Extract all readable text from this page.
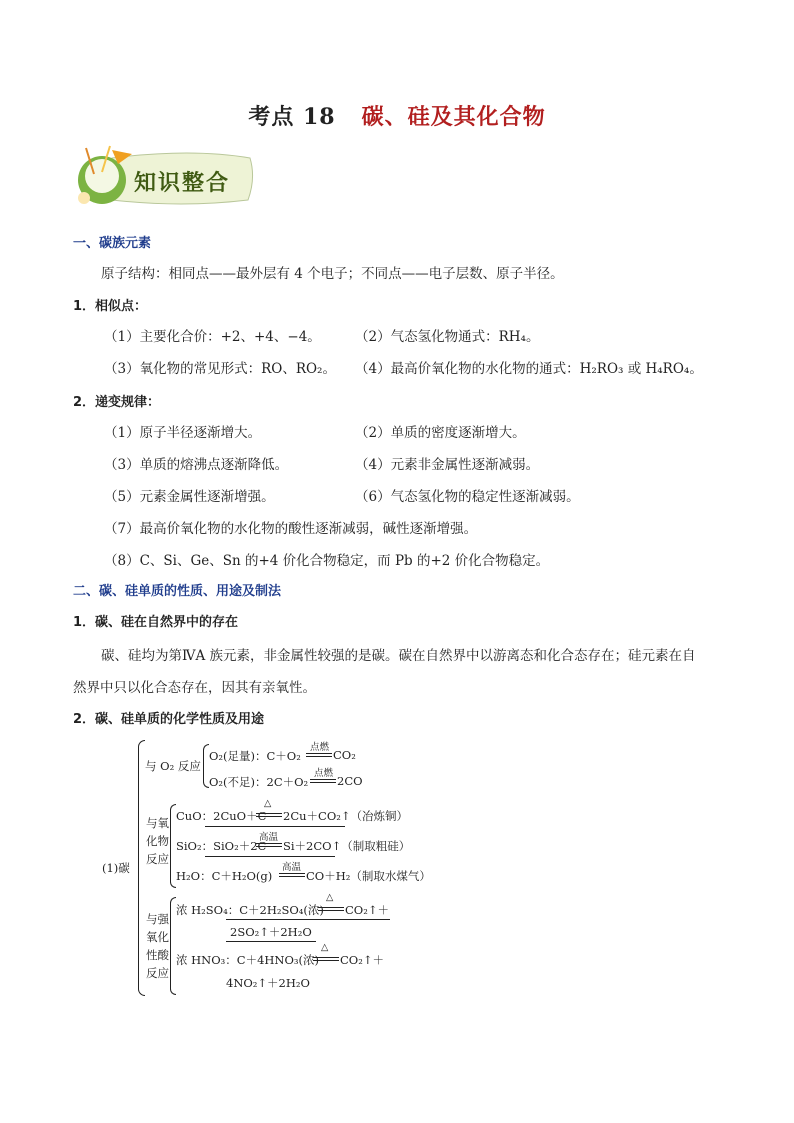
考点 18 碳、硅及其化合物
知识整合
一、碳族元素
原子结构：相同点——最外层有 4 个电子；不同点——电子层数、原子半径。
1．相似点：
（1）主要化合价：+2、+4、−4。	（2）气态氢化物通式：RH₄。
（3）氧化物的常见形式：RO、RO₂。 （4）最高价氧化物的水化物的通式：H₂RO₃ 或 H₄RO₄。
2．递变规律：
（1）原子半径逐渐增大。	（2）单质的密度逐渐增大。
（3）单质的熔沸点逐渐降低。	（4）元素非金属性逐渐减弱。
（5）元素金属性逐渐增强。	（6）气态氢化物的稳定性逐渐减弱。
（7）最高价氧化物的水化物的酸性逐渐减弱，碱性逐渐增强。
（8）C、Si、Ge、Sn 的+4 价化合物稳定，而 Pb 的+2 价化合物稳定。
二、碳、硅单质的性质、用途及制法
1．碳、硅在自然界中的存在
碳、硅均为第ⅣA 族元素，非金属性较强的是碳。碳在自然界中以游离态和化合态存在；硅元素在自
然界中只以化合态存在，因其有亲氧性。
2．碳、硅单质的化学性质及用途
(1)碳
与 O₂ 反应
O₂(足量)：C＋O₂
点燃
CO₂
O₂(不足)：2C＋O₂
点燃
2CO
与氧
化物
反应
CuO：2CuO＋C
△
2Cu＋CO₂↑（冶炼铜）
SiO₂：SiO₂＋2C
高温
Si＋2CO↑（制取粗硅）
H₂O：C＋H₂O(g)
高温
CO＋H₂（制取水煤气）
与强
氧化
性酸
反应
浓 H₂SO₄：C＋2H₂SO₄(浓)
△
CO₂↑＋
2SO₂↑＋2H₂O
浓 HNO₃：C＋4HNO₃(浓)
△
CO₂↑＋
4NO₂↑＋2H₂O
